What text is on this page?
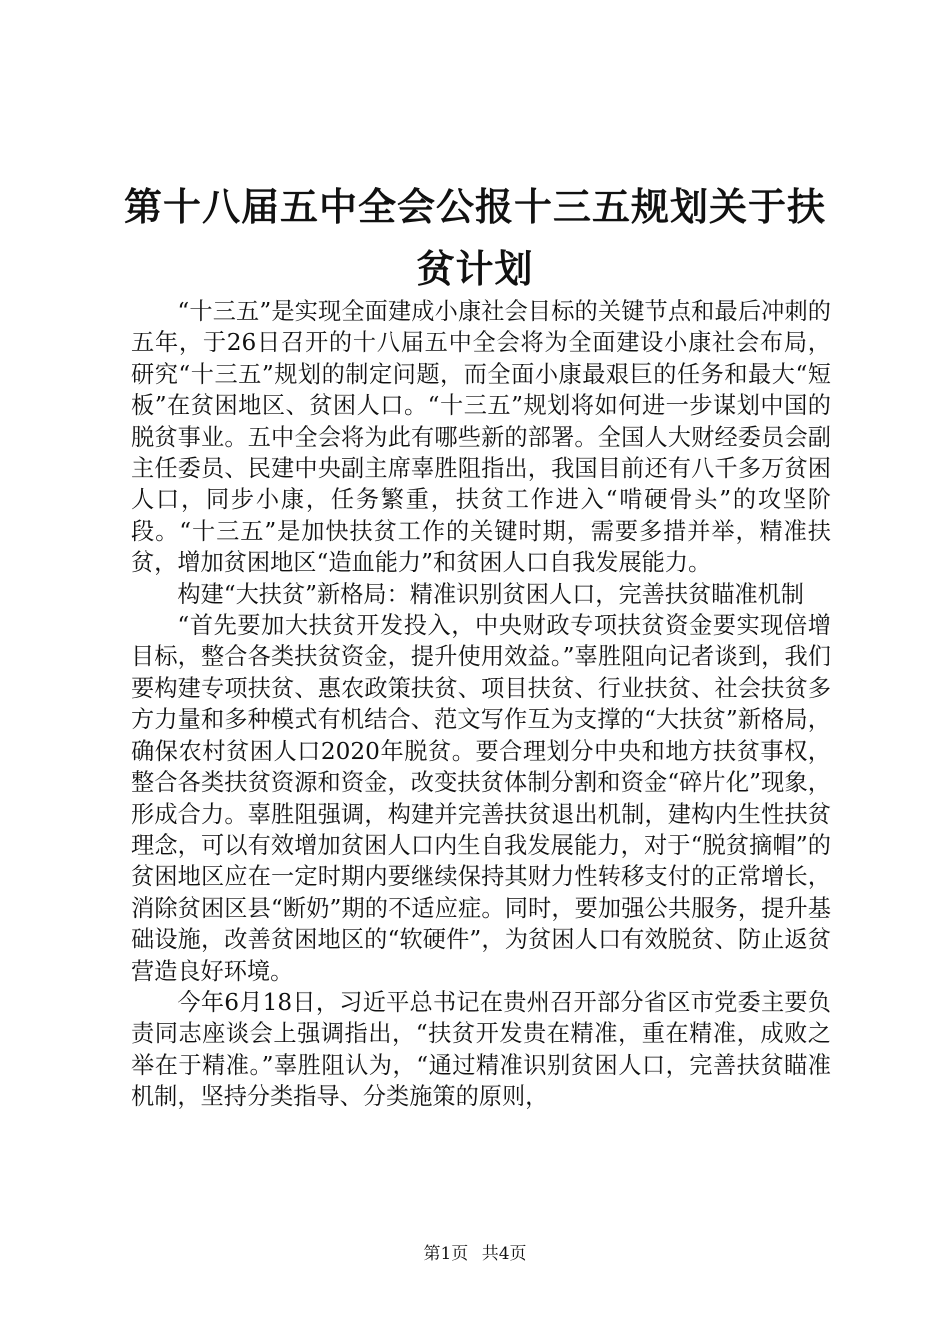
第十八届五中全会公报十三五规划关于扶贫计划

“十三五”是实现全面建成小康社会目标的关键节点和最后冲刺的五年，于26日召开的十八届五中全会将为全面建设小康社会布局，研究“十三五”规划的制定问题，而全面小康最艰巨的任务和最大“短板”在贫困地区、贫困人口。“十三五”规划将如何进一步谋划中国的脱贫事业。五中全会将为此有哪些新的部署。全国人大财经委员会副主任委员、民建中央副主席辜胜阻指出，我国目前还有八千多万贫困人口，同步小康，任务繁重，扶贫工作进入“啃硬骨头”的攻坚阶段。“十三五”是加快扶贫工作的关键时期，需要多措并举，精准扶贫，增加贫困地区“造血能力”和贫困人口自我发展能力。

构建“大扶贫”新格局：精准识别贫困人口，完善扶贫瞄准机制

“首先要加大扶贫开发投入，中央财政专项扶贫资金要实现倍增目标，整合各类扶贫资金，提升使用效益。”辜胜阻向记者谈到，我们要构建专项扶贫、惠农政策扶贫、项目扶贫、行业扶贫、社会扶贫多方力量和多种模式有机结合、范文写作互为支撑的“大扶贫”新格局，确保农村贫困人口2020年脱贫。要合理划分中央和地方扶贫事权，整合各类扶贫资源和资金，改变扶贫体制分割和资金“碎片化”现象，形成合力。辜胜阻强调，构建并完善扶贫退出机制，建构内生性扶贫理念，可以有效增加贫困人口内生自我发展能力，对于“脱贫摘帽”的贫困地区应在一定时期内要继续保持其财力性转移支付的正常增长，消除贫困区县“断奶”期的不适应症。同时，要加强公共服务，提升基础设施，改善贫困地区的“软硬件”，为贫困人口有效脱贫、防止返贫营造良好环境。

今年6月18日，习近平总书记在贵州召开部分省区市党委主要负责同志座谈会上强调指出，“扶贫开发贵在精准，重在精准，成败之举在于精准。”辜胜阻认为，“通过精准识别贫困人口，完善扶贫瞄准机制，坚持分类指导、分类施策的原则，

第1页 共4页
